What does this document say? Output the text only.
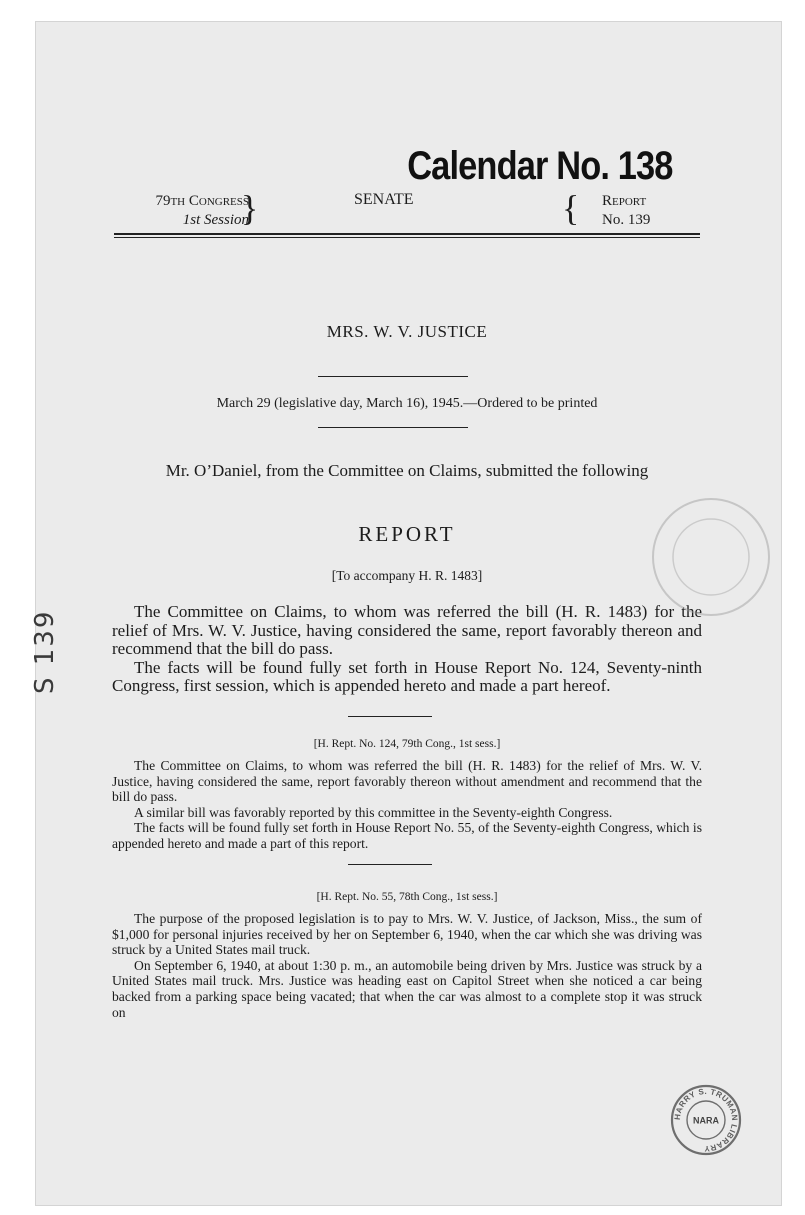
Calendar No. 138
79th Congress
1st Session
}	SENATE	{ Report
No. 139
MRS. W. V. JUSTICE
March 29 (legislative day, March 16), 1945.—Ordered to be printed
Mr. O’Daniel, from the Committee on Claims, submitted the following
REPORT
[To accompany H. R. 1483]

The Committee on Claims, to whom was referred the bill (H. R. 1483) for the relief of Mrs. W. V. Justice, having considered the same, report favorably thereon and recommend that the bill do pass.

The facts will be found fully set forth in House Report No. 124, Seventy-ninth Congress, first session, which is appended hereto and made a part hereof.

[H. Rept. No. 124, 79th Cong., 1st sess.]

The Committee on Claims, to whom was referred the bill (H. R. 1483) for the relief of Mrs. W. V. Justice, having considered the same, report favorably thereon without amendment and recommend that the bill do pass.

A similar bill was favorably reported by this committee in the Seventy-eighth Congress.

The facts will be found fully set forth in House Report No. 55, of the Seventy-eighth Congress, which is appended hereto and made a part of this report.

[H. Rept. No. 55, 78th Cong., 1st sess.]

The purpose of the proposed legislation is to pay to Mrs. W. V. Justice, of Jackson, Miss., the sum of $1,000 for personal injuries received by her on September 6, 1940, when the car which she was driving was struck by a United States mail truck.

On September 6, 1940, at about 1:30 p. m., an automobile being driven by Mrs. Justice was struck by a United States mail truck. Mrs. Justice was heading east on Capitol Street when she noticed a car being backed from a parking space being vacated; that when the car was almost to a complete stop it was struck on

S 139
HARRY S. TRUMAN LIBRARY
NARA
